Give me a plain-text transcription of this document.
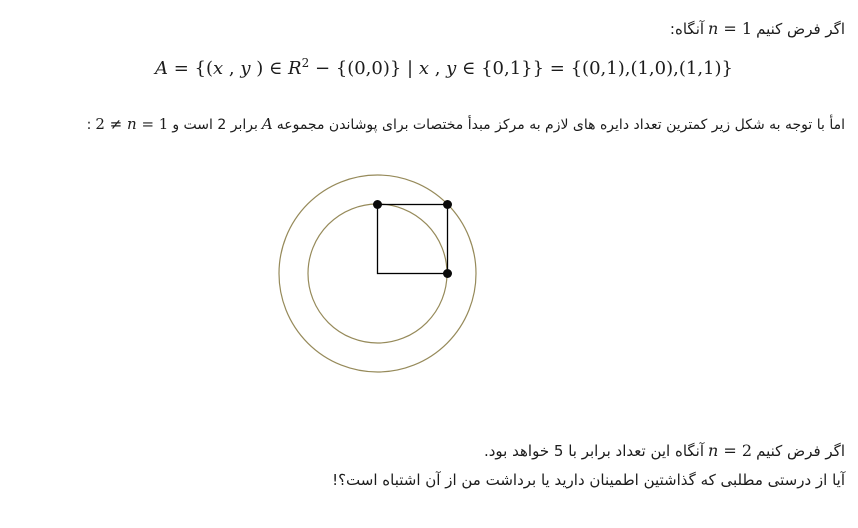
اگر فرض کنیمn = 1آنگاه:

A = {(x , y ) ∈ $R^2 - \{(0,0)\}$ | x , y ∈ {0,1}} = {(0,1),(1,0),(1,1)}

امأ با توجه به شکل زیر کمترین تعداد دایره های لازم به مرکز مبدأ مختصات برای پوشاندن مجموعهAبرابر 2 است و2 ≠ n = 1:

اگر فرض کنیمn = 2آنگاه این تعداد برابر با 5 خواهد بود.

آیا از درستی مطلبی که گذاشتین اطمینان دارید یا برداشت من از آن اشتباه است؟!
